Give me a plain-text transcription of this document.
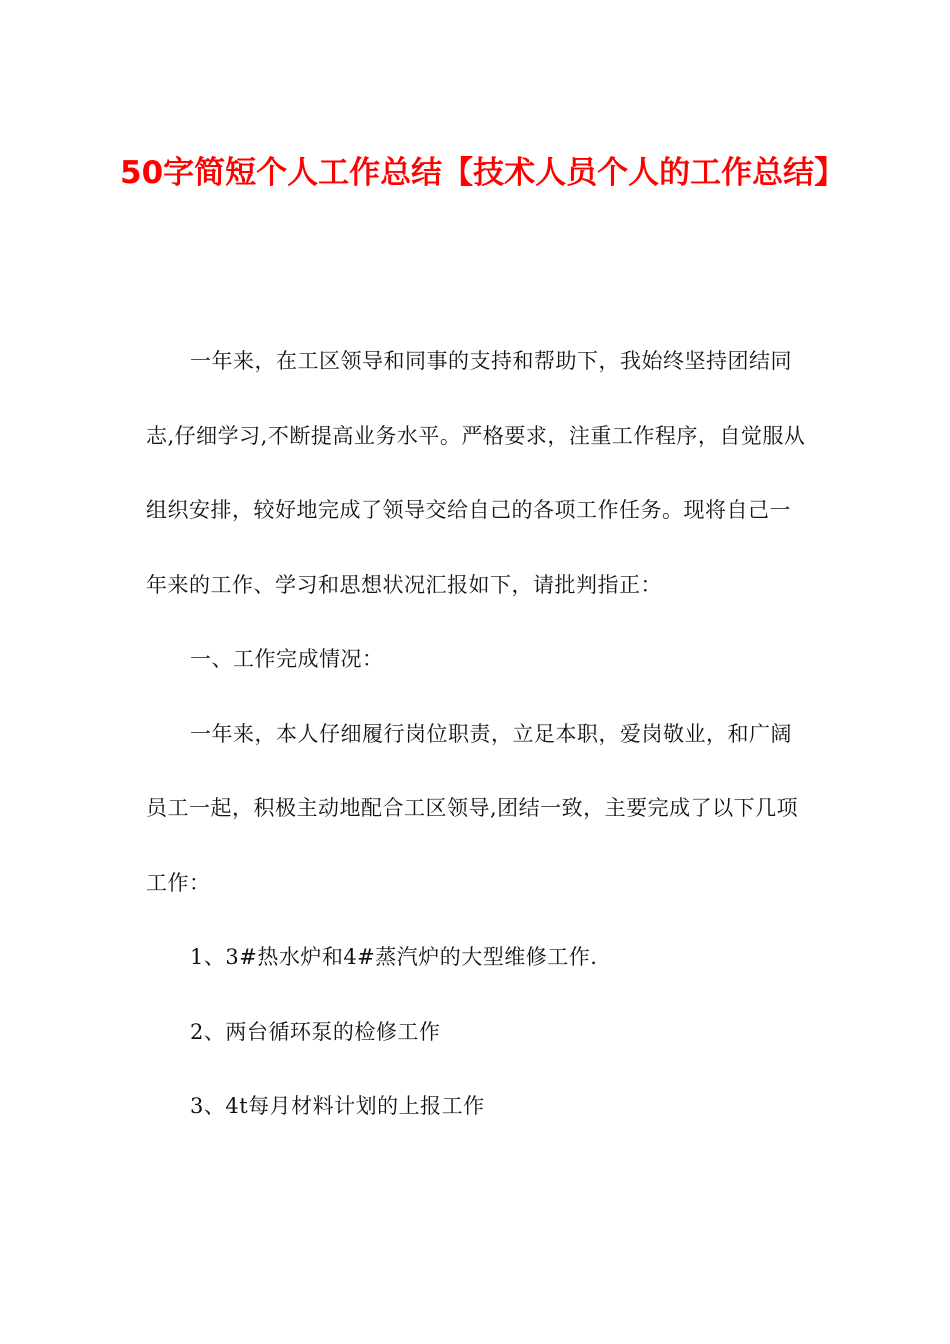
50字简短个人工作总结【技术人员个人的工作总结】

一年来，在工区领导和同事的支持和帮助下，我始终坚持团结同志,仔细学习,不断提高业务水平。严格要求，注重工作程序，自觉服从组织安排，较好地完成了领导交给自己的各项工作任务。现将自己一年来的工作、学习和思想状况汇报如下，请批判指正：

一、工作完成情况：

一年来，本人仔细履行岗位职责，立足本职，爱岗敬业，和广阔员工一起，积极主动地配合工区领导,团结一致，主要完成了以下几项工作：

1、3#热水炉和4#蒸汽炉的大型维修工作.

2、两台循环泵的检修工作

3、4t每月材料计划的上报工作
